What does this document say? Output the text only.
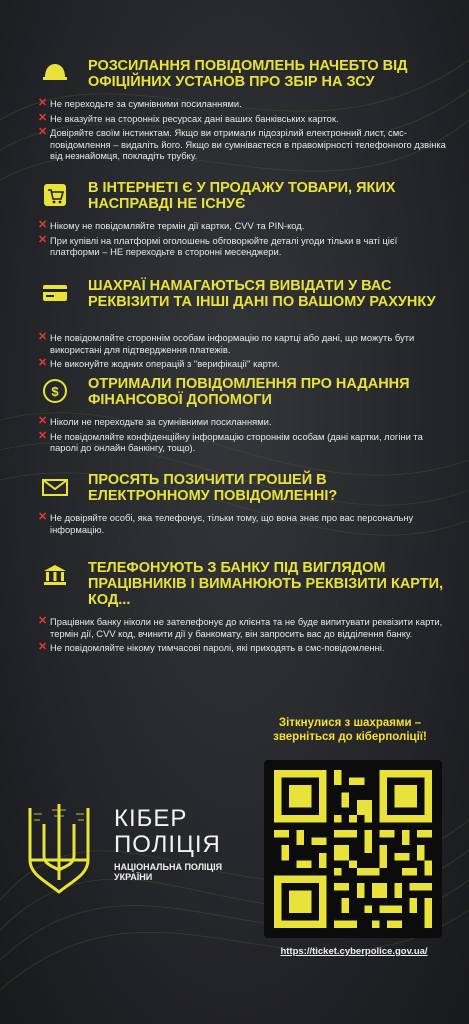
РОЗСИЛАННЯ ПОВІДОМЛЕНЬ НАЧЕБТО ВІД ОФІЦІЙНИХ УСТАНОВ ПРО ЗБІР НА ЗСУ
✕ Не переходьте за сумнівними посиланнями.
✕ Не вказуйте на сторонніх ресурсах дані ваших банківських карток.
✕ Довіряйте своїм інстинктам. Якщо ви отримали підозрілий електронний лист, смс-повідомлення – видаліть його. Якщо ви сумніваєтеся в правомірності телефонного дзвінка від незнайомця, покладіть трубку.
В ІНТЕРНЕТІ Є У ПРОДАЖУ ТОВАРИ, ЯКИХ НАСПРАВДІ НЕ ІСНУЄ
✕ Нікому не повідомляйте термін дії картки, CVV та PIN-код.
✕ При купівлі на платформі оголошень обговорюйте деталі угоди тільки в чаті цієї платформи – НЕ переходьте в сторонні месенджери.
ШАХРАЇ НАМАГАЮТЬСЯ ВИВІДАТИ У ВАС РЕКВІЗИТИ ТА ІНШІ ДАНІ ПО ВАШОМУ РАХУНКУ
✕ Не повідомляйте стороннім особам інформацію по картці або дані, що можуть бути використані для підтвердження платежів.
✕ Не виконуйте жодних операцій з "верифікації" карти.
$ ОТРИМАЛИ ПОВІДОМЛЕННЯ ПРО НАДАННЯ ФІНАНСОВОЇ ДОПОМОГИ
✕ Ніколи не переходьте за сумнівними посиланнями.
✕ Не повідомляйте конфіденційну інформацію стороннім особам (дані картки, логіни та паролі до онлайн банкінгу, тощо).
ПРОСЯТЬ ПОЗИЧИТИ ГРОШЕЙ В ЕЛЕКТРОННОМУ ПОВІДОМЛЕННІ?
✕ Не довіряйте особі, яка телефонує, тільки тому, що вона знає про вас персональну інформацію.
ТЕЛЕФОНУЮТЬ З БАНКУ ПІД ВИГЛЯДОМ ПРАЦІВНИКІВ І ВИМАНЮЮТЬ РЕКВІЗИТИ КАРТИ, КОД...
✕ Працівник банку ніколи не зателефонує до клієнта та не буде випитувати реквізити карти, термін дії, CVV код, вчинити дії у банкомату, він запросить вас до відділення банку.
✕ Не повідомляйте нікому тимчасові паролі, які приходять в смс-повідомленні.
Зіткнулися з шахраями –
зверніться до кіберполіції!
https://ticket.cyberpolice.gov.ua/
КІБЕР
ПОЛІЦІЯ
НАЦІОНАЛЬНА ПОЛІЦІЯ
УКРАЇНИ
